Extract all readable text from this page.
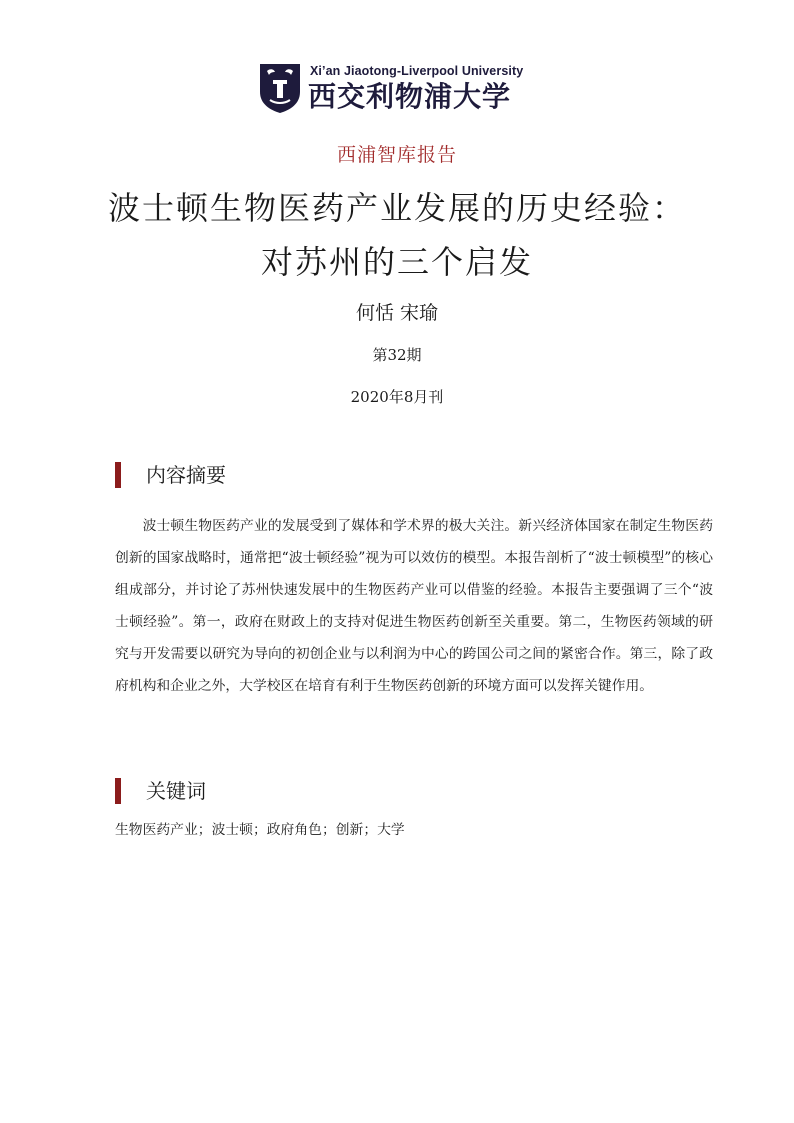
Xi’an Jiaotong-Liverpool University
西交利物浦大学
西浦智库报告
波士顿生物医药产业发展的历史经验：
对苏州的三个启发
何恬 宋瑜
第32期
2020年8月刊
内容摘要

波士顿生物医药产业的发展受到了媒体和学术界的极大关注。新兴经济体国家在制定生物医药创新的国家战略时，通常把“波士顿经验”视为可以效仿的模型。本报告剖析了“波士顿模型”的核心组成部分，并讨论了苏州快速发展中的生物医药产业可以借鉴的经验。本报告主要强调了三个“波士顿经验”。第一，政府在财政上的支持对促进生物医药创新至关重要。第二，生物医药领域的研究与开发需要以研究为导向的初创企业与以利润为中心的跨国公司之间的紧密合作。第三，除了政府机构和企业之外，大学校区在培育有利于生物医药创新的环境方面可以发挥关键作用。

关键词
生物医药产业；波士顿；政府角色；创新；大学
